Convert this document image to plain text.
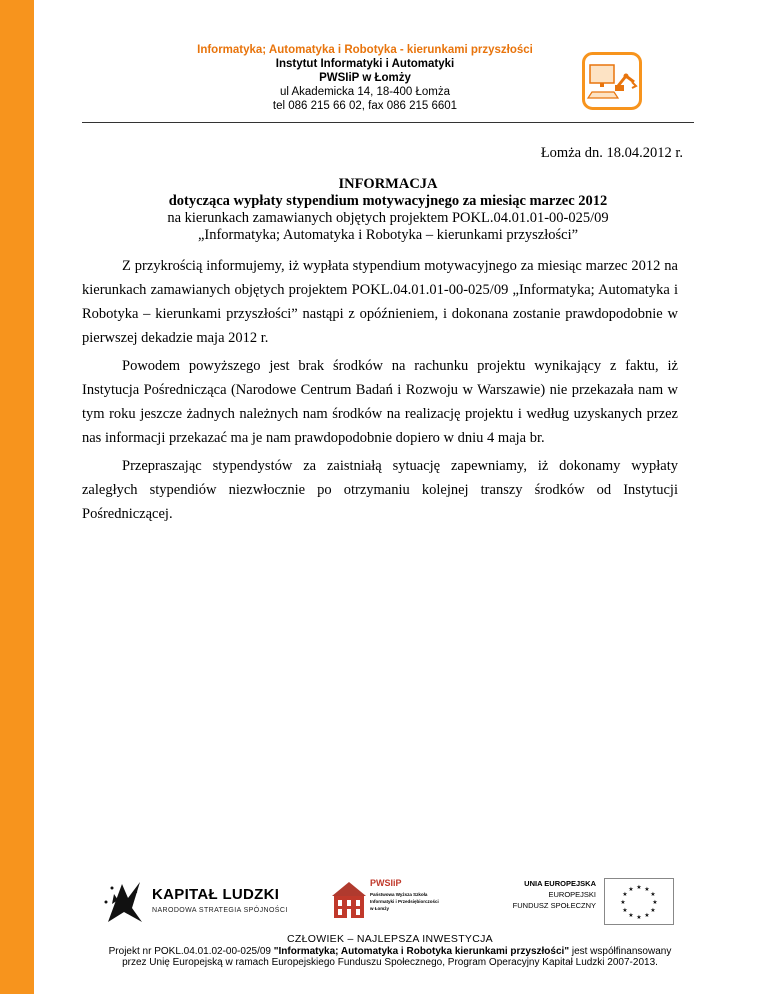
Informatyka; Automatyka i Robotyka - kierunkami przyszłości
Instytut Informatyki i Automatyki
PWSIiP w Łomży
ul Akademicka 14, 18-400 Łomża
tel 086 215 66 02, fax 086 215 6601
Łomża dn. 18.04.2012 r.
INFORMACJA
dotycząca wypłaty stypendium motywacyjnego za miesiąc marzec 2012
na kierunkach zamawianych objętych projektem POKL.04.01.01-00-025/09
„Informatyka; Automatyka i Robotyka – kierunkami przyszłości”

Z przykrością informujemy, iż wypłata stypendium motywacyjnego za miesiąc marzec 2012 na kierunkach zamawianych objętych projektem POKL.04.01.01-00-025/09 „Informatyka; Automatyka i Robotyka – kierunkami przyszłości” nastąpi z opóźnieniem, i dokonana zostanie prawdopodobnie w pierwszej dekadzie maja 2012 r.

Powodem powyższego jest brak środków na rachunku projektu wynikający z faktu, iż Instytucja Pośrednicząca (Narodowe Centrum Badań i Rozwoju w Warszawie) nie przekazała nam w tym roku jeszcze żadnych należnych nam środków na realizację projektu i według uzyskanych przez nas informacji przekazać ma je nam prawdopodobnie dopiero w dniu 4 maja br.

Przepraszając stypendystów za zaistniałą sytuację zapewniamy, iż dokonamy wypłaty zaległych stypendiów niezwłocznie po otrzymaniu kolejnej transzy środków od Instytucji Pośredniczącej.

KAPITAŁ LUDZKI
NARODOWA STRATEGIA SPÓJNOŚCI
PWSIiP
Państwowa Wyższa Szkoła
Informatyki i Przedsiębiorczości
w Łomży
UNIA EUROPEJSKA
EUROPEJSKI
FUNDUSZ SPOŁECZNY
★ ★
★
★
★
★
★
★
★
★
★
★
CZŁOWIEK – NAJLEPSZA INWESTYCJA
Projekt nr POKL.04.01.02-00-025/09 "Informatyka; Automatyka i Robotyka kierunkami przyszłości" jest współfinansowany
przez Unię Europejską w ramach Europejskiego Funduszu Społecznego, Program Operacyjny Kapitał Ludzki 2007-2013.
